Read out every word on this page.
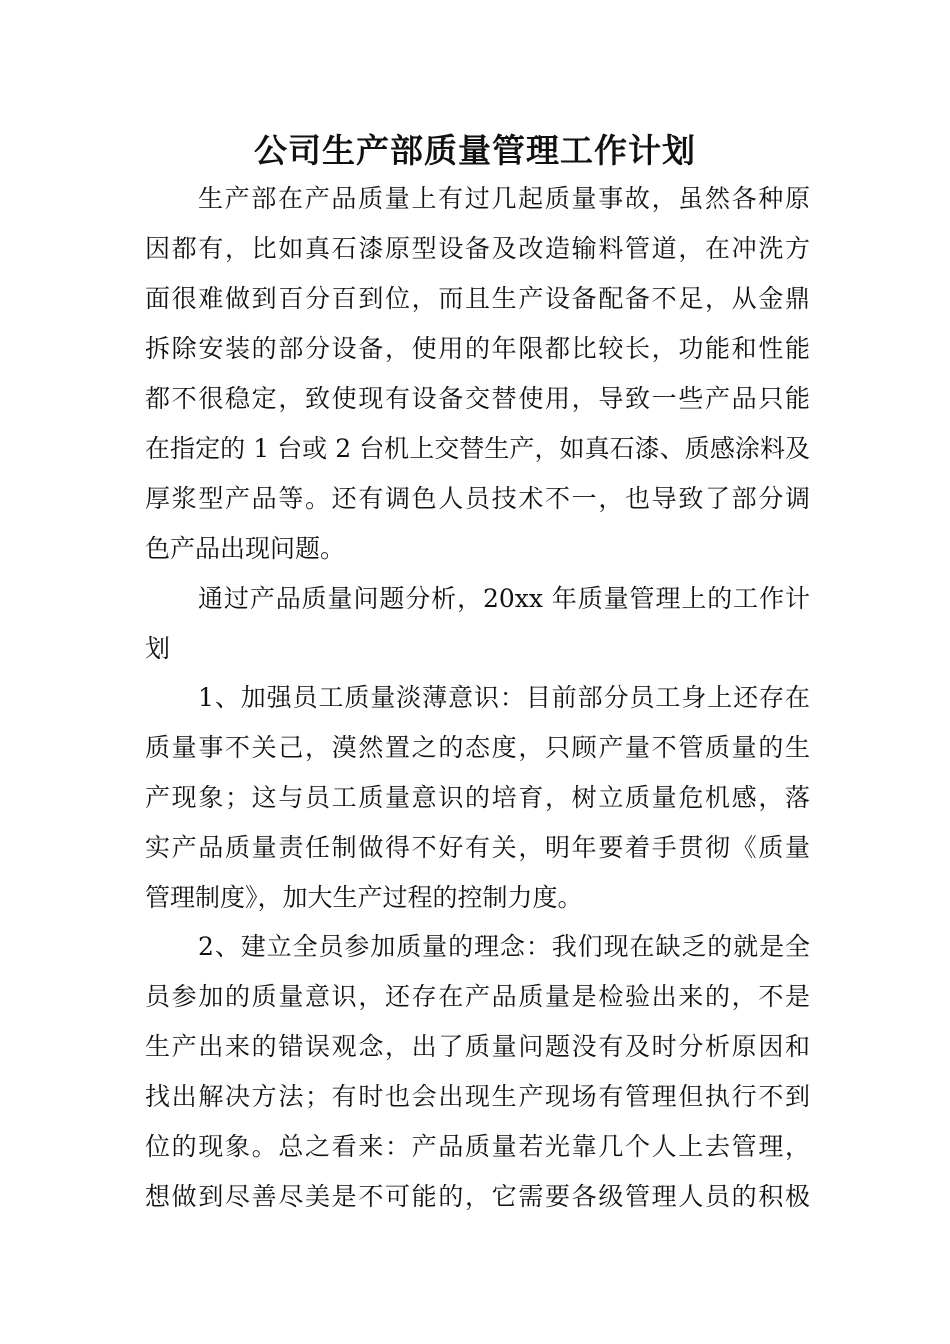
公司生产部质量管理工作计划
生产部在产品质量上有过几起质量事故，虽然各种原
因都有，比如真石漆原型设备及改造输料管道，在冲洗方
面很难做到百分百到位，而且生产设备配备不足，从金鼎
拆除安装的部分设备，使用的年限都比较长，功能和性能
都不很稳定，致使现有设备交替使用，导致一些产品只能
在指定的 1 台或 2 台机上交替生产，如真石漆、质感涂料及
厚浆型产品等。还有调色人员技术不一，也导致了部分调
色产品出现问题。
通过产品质量问题分析，20xx 年质量管理上的工作计
划
1、加强员工质量淡薄意识：目前部分员工身上还存在
质量事不关己，漠然置之的态度，只顾产量不管质量的生
产现象；这与员工质量意识的培育，树立质量危机感，落
实产品质量责任制做得不好有关，明年要着手贯彻《质量
管理制度》，加大生产过程的控制力度。
2、建立全员参加质量的理念：我们现在缺乏的就是全
员参加的质量意识，还存在产品质量是检验出来的，不是
生产出来的错误观念，出了质量问题没有及时分析原因和
找出解决方法；有时也会出现生产现场有管理但执行不到
位的现象。总之看来：产品质量若光靠几个人上去管理，
想做到尽善尽美是不可能的，它需要各级管理人员的积极
